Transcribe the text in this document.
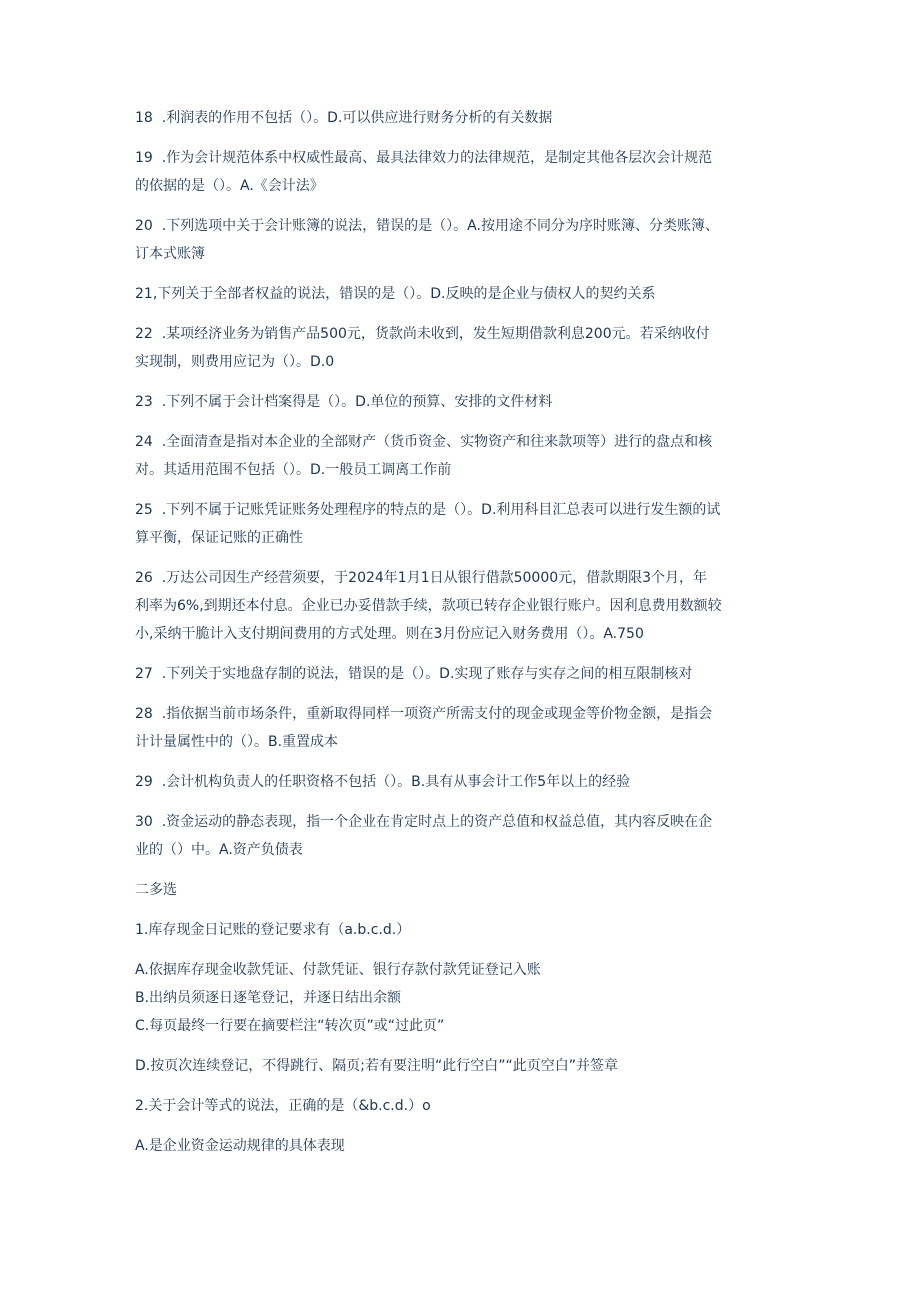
18  .利润表的作用不包括（）。D.可以供应进行财务分析的有关数据

19  .作为会计规范体系中权威性最高、最具法律效力的法律规范，是制定其他各层次会计规范
的依据的是（）。A.《会计法》

20  .下列选项中关于会计账簿的说法，错误的是（）。A.按用途不同分为序时账簿、分类账簿、
订本式账簿

21,下列关于全部者权益的说法，错误的是（）。D.反映的是企业与债权人的契约关系

22  .某项经济业务为销售产品500元，货款尚未收到，发生短期借款利息200元。若采纳收付
实现制，则费用应记为（）。D.0

23  .下列不属于会计档案得是（）。D.单位的预算、安排的文件材料

24  .全面清查是指对本企业的全部财产（货币资金、实物资产和往来款项等）进行的盘点和核
对。其适用范围不包括（）。D.一般员工调离工作前

25  .下列不属于记账凭证账务处理程序的特点的是（）。D.利用科目汇总表可以进行发生额的试
算平衡，保证记账的正确性

26  .万达公司因生产经营须要，于2024年1月1日从银行借款50000元，借款期限3个月，年
利率为6%,到期还本付息。企业已办妥借款手续，款项已转存企业银行账户。因利息费用数额较
小,采纳干脆计入支付期间费用的方式处理。则在3月份应记入财务费用（）。A.750

27  .下列关于实地盘存制的说法，错误的是（）。D.实现了账存与实存之间的相互限制核对

28  .指依据当前市场条件，重新取得同样一项资产所需支付的现金或现金等价物金额，是指会
计计量属性中的（）。B.重置成本

29  .会计机构负责人的任职资格不包括（）。B.具有从事会计工作5年以上的经验

30  .资金运动的静态表现，指一个企业在肯定时点上的资产总值和权益总值，其内容反映在企
业的（）中。A.资产负债表

二多选

1.库存现金日记账的登记要求有（a.b.c.d.）

A.依据库存现金收款凭证、付款凭证、银行存款付款凭证登记入账

B.出纳员须逐日逐笔登记，并逐日结出余额

C.每页最终一行要在摘要栏注“转次页”或“过此页”

D.按页次连续登记，不得跳行、隔页;若有要注明“此行空白”“此页空白”并签章

2.关于会计等式的说法，正确的是（&b.c.d.）o

A.是企业资金运动规律的具体表现
